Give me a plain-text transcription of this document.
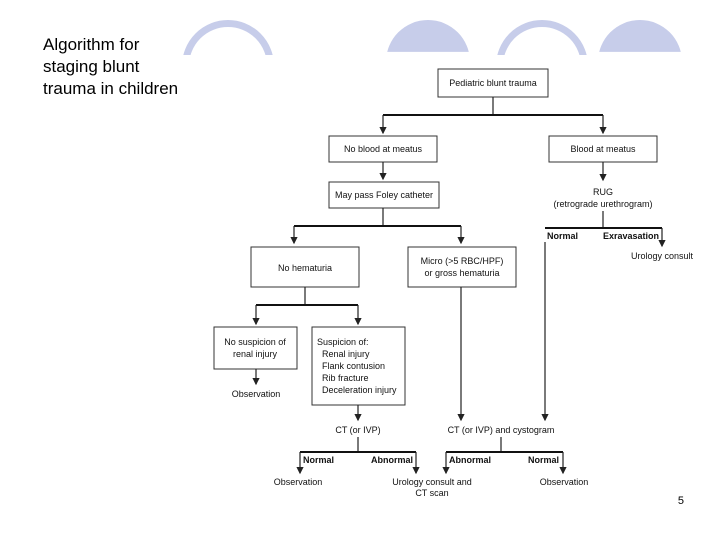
Algorithm for
staging blunt
trauma in children	Pediatric blunt trauma
No blood at meatus	Blood at meatus
May pass Foley catheter	RUG
(retrograde urethrogram)
Normal	Exravasation
Urology consult
No hematuria
Micro (>5 RBC/HPF)
or gross hematuria
No suspicion of
renal injury
Observation
Suspicion of:
Renal injury
Flank contusion
Rib fracture
Deceleration injury
CT (or IVP)
Normal	Abnormal
Observation	Urology consult and
CT scan
CT (or IVP) and cystogram
Abnormal	Normal
Observation
5
